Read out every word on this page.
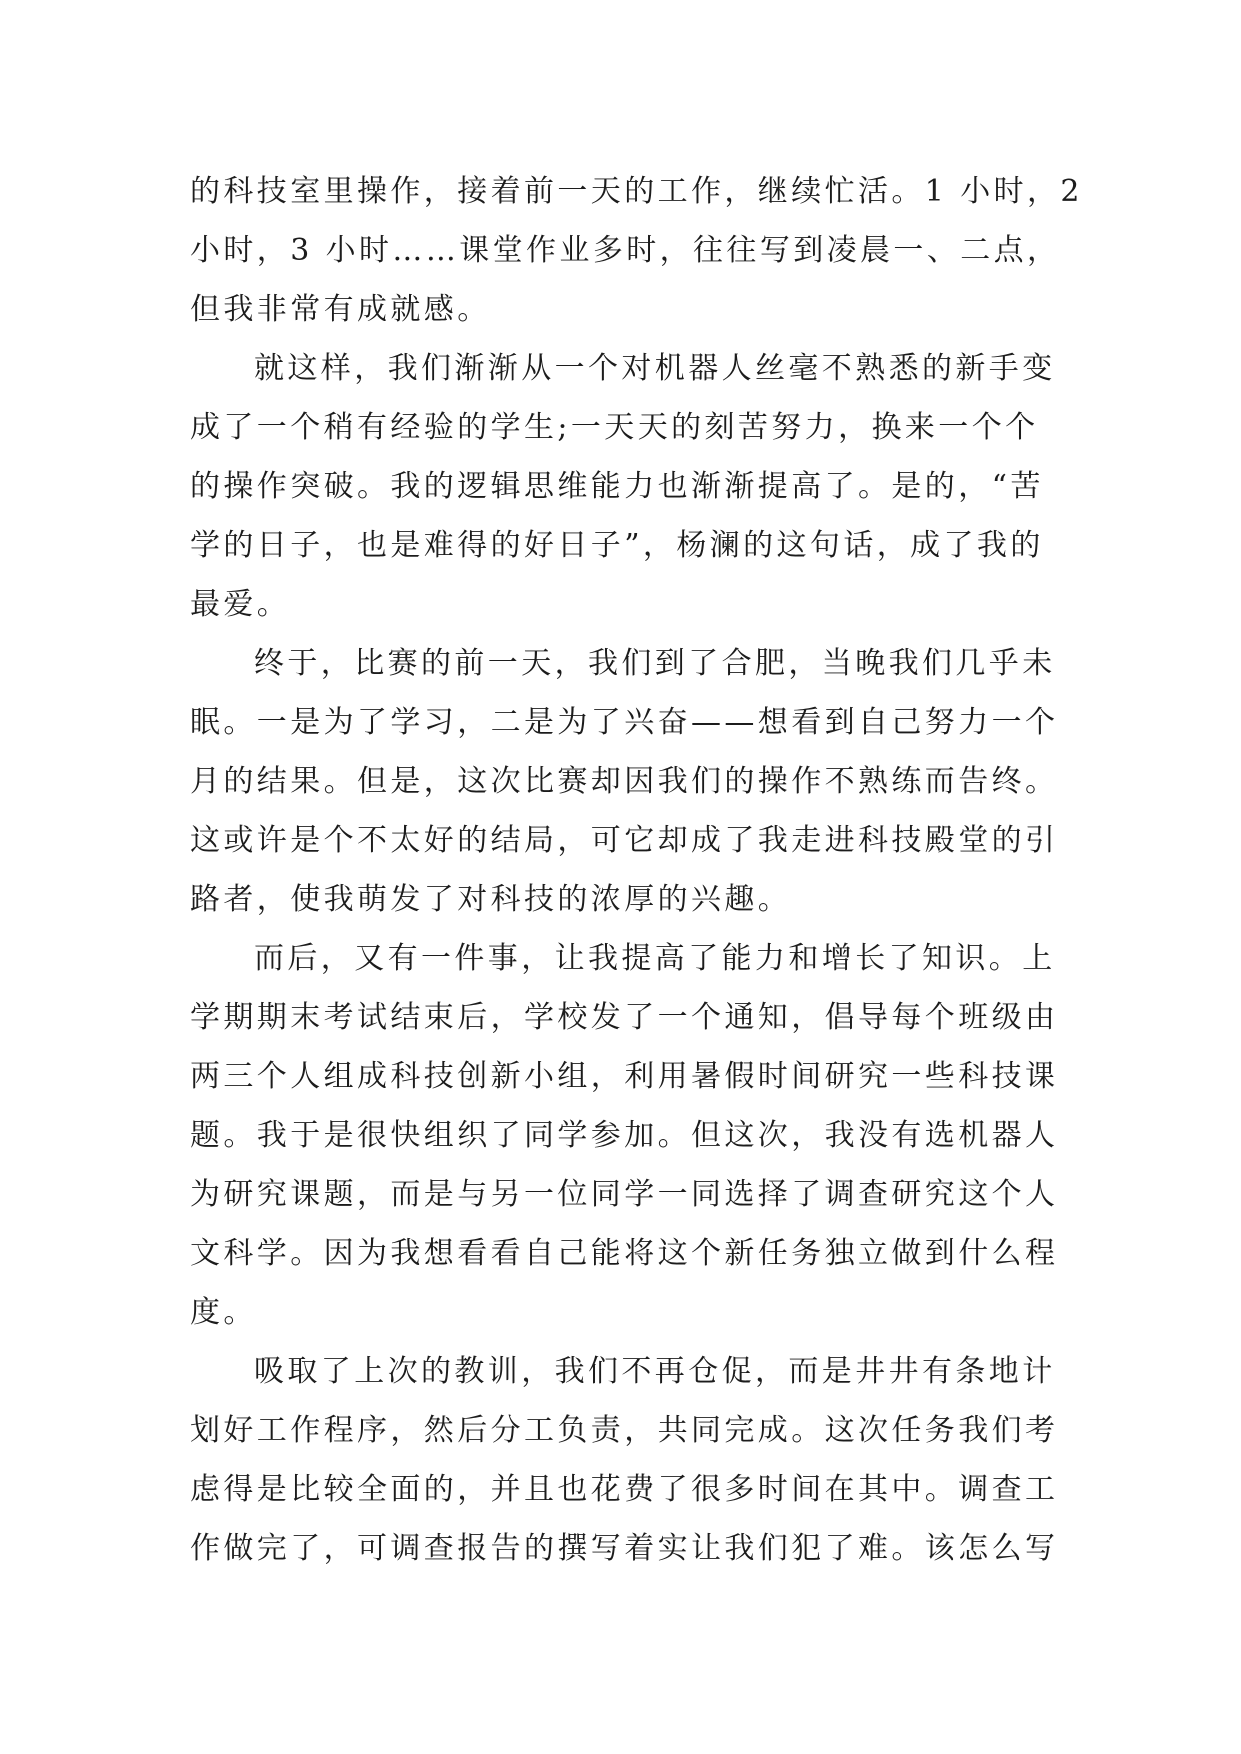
的科技室里操作，接着前一天的工作，继续忙活。1 小时，2
小时，3 小时……课堂作业多时，往往写到凌晨一、二点，
但我非常有成就感。
就这样，我们渐渐从一个对机器人丝毫不熟悉的新手变
成了一个稍有经验的学生;一天天的刻苦努力，换来一个个
的操作突破。我的逻辑思维能力也渐渐提高了。是的，“苦
学的日子，也是难得的好日子”，杨澜的这句话，成了我的
最爱。
终于，比赛的前一天，我们到了合肥，当晚我们几乎未
眠。一是为了学习，二是为了兴奋——想看到自己努力一个
月的结果。但是，这次比赛却因我们的操作不熟练而告终。
这或许是个不太好的结局，可它却成了我走进科技殿堂的引
路者，使我萌发了对科技的浓厚的兴趣。
而后，又有一件事，让我提高了能力和增长了知识。上
学期期末考试结束后，学校发了一个通知，倡导每个班级由
两三个人组成科技创新小组，利用暑假时间研究一些科技课
题。我于是很快组织了同学参加。但这次，我没有选机器人
为研究课题，而是与另一位同学一同选择了调查研究这个人
文科学。因为我想看看自己能将这个新任务独立做到什么程
度。
吸取了上次的教训，我们不再仓促，而是井井有条地计
划好工作程序，然后分工负责，共同完成。这次任务我们考
虑得是比较全面的，并且也花费了很多时间在其中。调查工
作做完了，可调查报告的撰写着实让我们犯了难。该怎么写
